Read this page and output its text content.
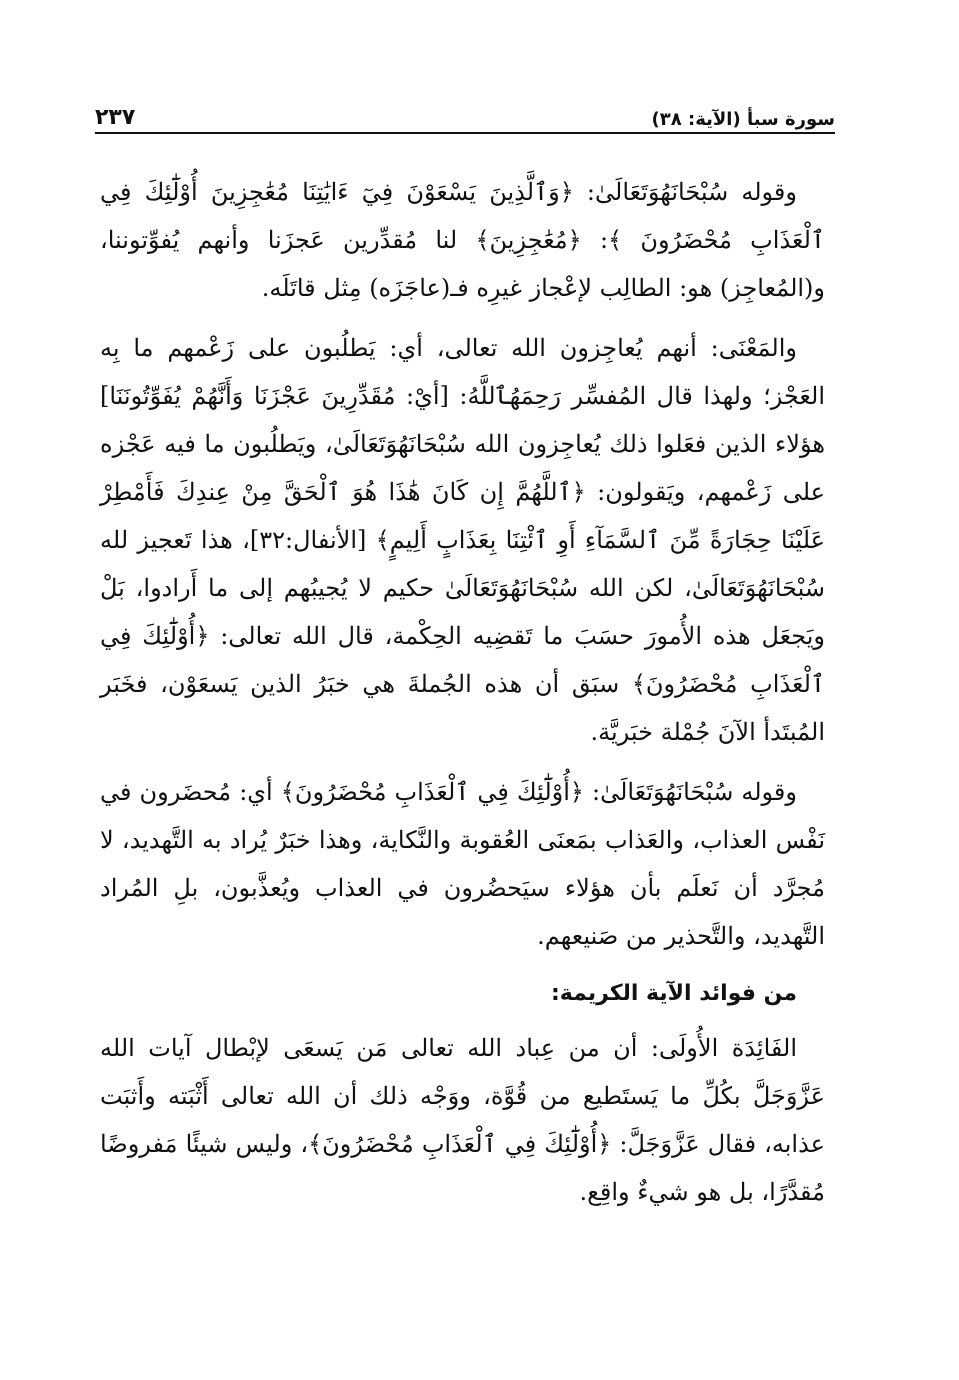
٢٣٧	سورة سبأ (الآية: ٣٨)

وقوله سُبْحَانَهُوَتَعَالَىٰ: ﴿وَٱلَّذِينَ يَسْعَوْنَ فِيٓ ءَايَٰتِنَا مُعَٰجِزِينَ أُوْلَٰٓئِكَ فِي ٱلْعَذَابِ مُحْضَرُونَ ﴾: ﴿مُعَٰجِزِينَ﴾ لنا مُقدِّرين عَجزَنا وأنهم يُفوِّتوننا، و(المُعاجِز) هو: الطالِب لإعْجاز غيرِه فـ(عاجَزَه) مِثل قاتَلَه.

والمَعْنَى: أنهم يُعاجِزون الله تعالى، أي: يَطلُبون على زَعْمهم ما بِه العَجْز؛ ولهذا قال المُفسِّر رَحِمَهُٱللَّهُ: [أيْ: مُقَدِّرِينَ عَجْزَنَا وَأَنَّهُمْ يُفَوِّتُونَنَا] هؤلاء الذين فعَلوا ذلك يُعاجِزون الله سُبْحَانَهُوَتَعَالَىٰ، ويَطلُبون ما فيه عَجْزه على زَعْمهم، ويَقولون: ﴿ٱللَّهُمَّ إِن كَانَ هَٰذَا هُوَ ٱلْحَقَّ مِنْ عِندِكَ فَأَمْطِرْ عَلَيْنَا حِجَارَةً مِّنَ ٱلسَّمَآءِ أَوِ ٱئْتِنَا بِعَذَابٍ أَلِيمٍ﴾ [الأنفال:٣٢]، هذا تَعجيز لله سُبْحَانَهُوَتَعَالَىٰ، لكن الله سُبْحَانَهُوَتَعَالَىٰ حكيم لا يُجيبُهم إلى ما أَرادوا، بَلْ ويَجعَل هذه الأُمورَ حسَبَ ما تَقضِيه الحِكْمة، قال الله تعالى: ﴿أُوْلَٰٓئِكَ فِي ٱلْعَذَابِ مُحْضَرُونَ﴾ سبَق أن هذه الجُملةَ هي خبَرُ الذين يَسعَوْن، فخَبَر المُبتَدأ الآنَ جُمْلة خبَريَّة.

وقوله سُبْحَانَهُوَتَعَالَىٰ: ﴿أُوْلَٰٓئِكَ فِي ٱلْعَذَابِ مُحْضَرُونَ﴾ أي: مُحضَرون في نَفْس العذاب، والعَذاب بمَعنَى العُقوبة والنَّكاية، وهذا خبَرٌ يُراد به التَّهديد، لا مُجرَّد أن نَعلَم بأن هؤلاء سيَحضُرون في العذاب ويُعذَّبون، بلِ المُراد التَّهديد، والتَّحذير من صَنيعهم.

من فوائد الآية الكريمة:

الفَائِدَة الأُولَى: أن من عِباد الله تعالى مَن يَسعَى لإبْطال آيات الله عَزَّوَجَلَّ بكُلِّ ما يَستَطيع من قُوَّة، ووَجْه ذلك أن الله تعالى أَثْبَته وأَثبَت عذابه، فقال عَزَّوَجَلَّ: ﴿أُوْلَٰٓئِكَ فِي ٱلْعَذَابِ مُحْضَرُونَ﴾، وليس شيئًا مَفروضًا مُقدَّرًا، بل هو شيءٌ واقِع.
